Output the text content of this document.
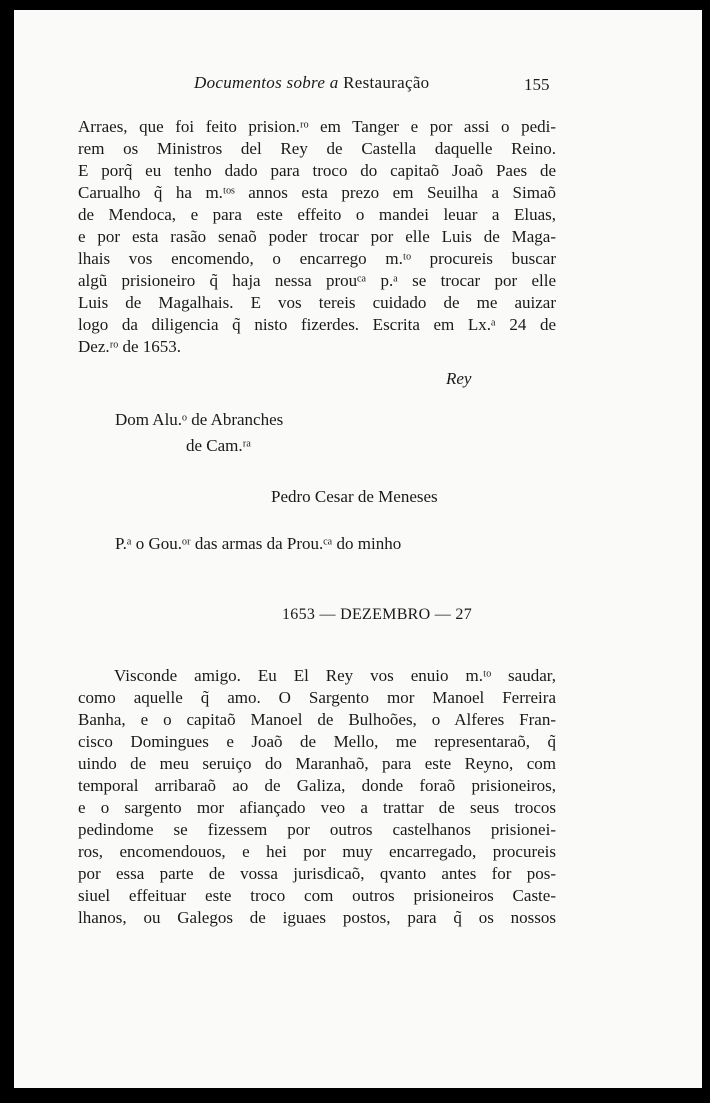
Documentos sobre a Restauração	155
Arraes, que foi feito prision.ʳᵒ em Tanger e por assi o pedi-
rem os Ministros del Rey de Castella daquelle Reino.
E porq̃ eu tenho dado para troco do capitaõ Joaõ Paes de
Carualho q̃ ha m.ᵗᵒˢ annos esta prezo em Seuilha a Simaõ
de Mendoca, e para este effeito o mandei leuar a Eluas,
e por esta rasão senaõ poder trocar por elle Luis de Maga-
lhais vos encomendo, o encarrego m.ᵗᵒ procureis buscar
algũ prisioneiro q̃ haja nessa prouᶜᵃ p.ᵃ se trocar por elle
Luis de Magalhais. E vos tereis cuidado de me auizar
logo da diligencia q̃ nisto fizerdes. Escrita em Lx.ᵃ 24 de
Dez.ʳᵒ de 1653.
Rey
Dom Alu.ᵒ de Abranches
de Cam.ʳᵃ
Pedro Cesar de Meneses
P.ᵃ o Gou.ᵒʳ das armas da Prou.ᶜᵃ do minho
1653 — DEZEMBRO — 27
Visconde amigo. Eu El Rey vos enuio m.ᵗᵒ saudar,
como aquelle q̃ amo. O Sargento mor Manoel Ferreira
Banha, e o capitaõ Manoel de Bulhoões, o Alferes Fran-
cisco Domingues e Joaõ de Mello, me representaraõ, q̃
uindo de meu seruiço do Maranhaõ, para este Reyno, com
temporal arribaraõ ao de Galiza, donde foraõ prisioneiros,
e o sargento mor afiançado veo a trattar de seus trocos
pedindome se fizessem por outros castelhanos prisionei-
ros, encomendouos, e hei por muy encarregado, procureis
por essa parte de vossa jurisdicaõ, qvanto antes for pos-
siuel effeituar este troco com outros prisioneiros Caste-
lhanos, ou Galegos de iguaes postos, para q̃ os nossos
